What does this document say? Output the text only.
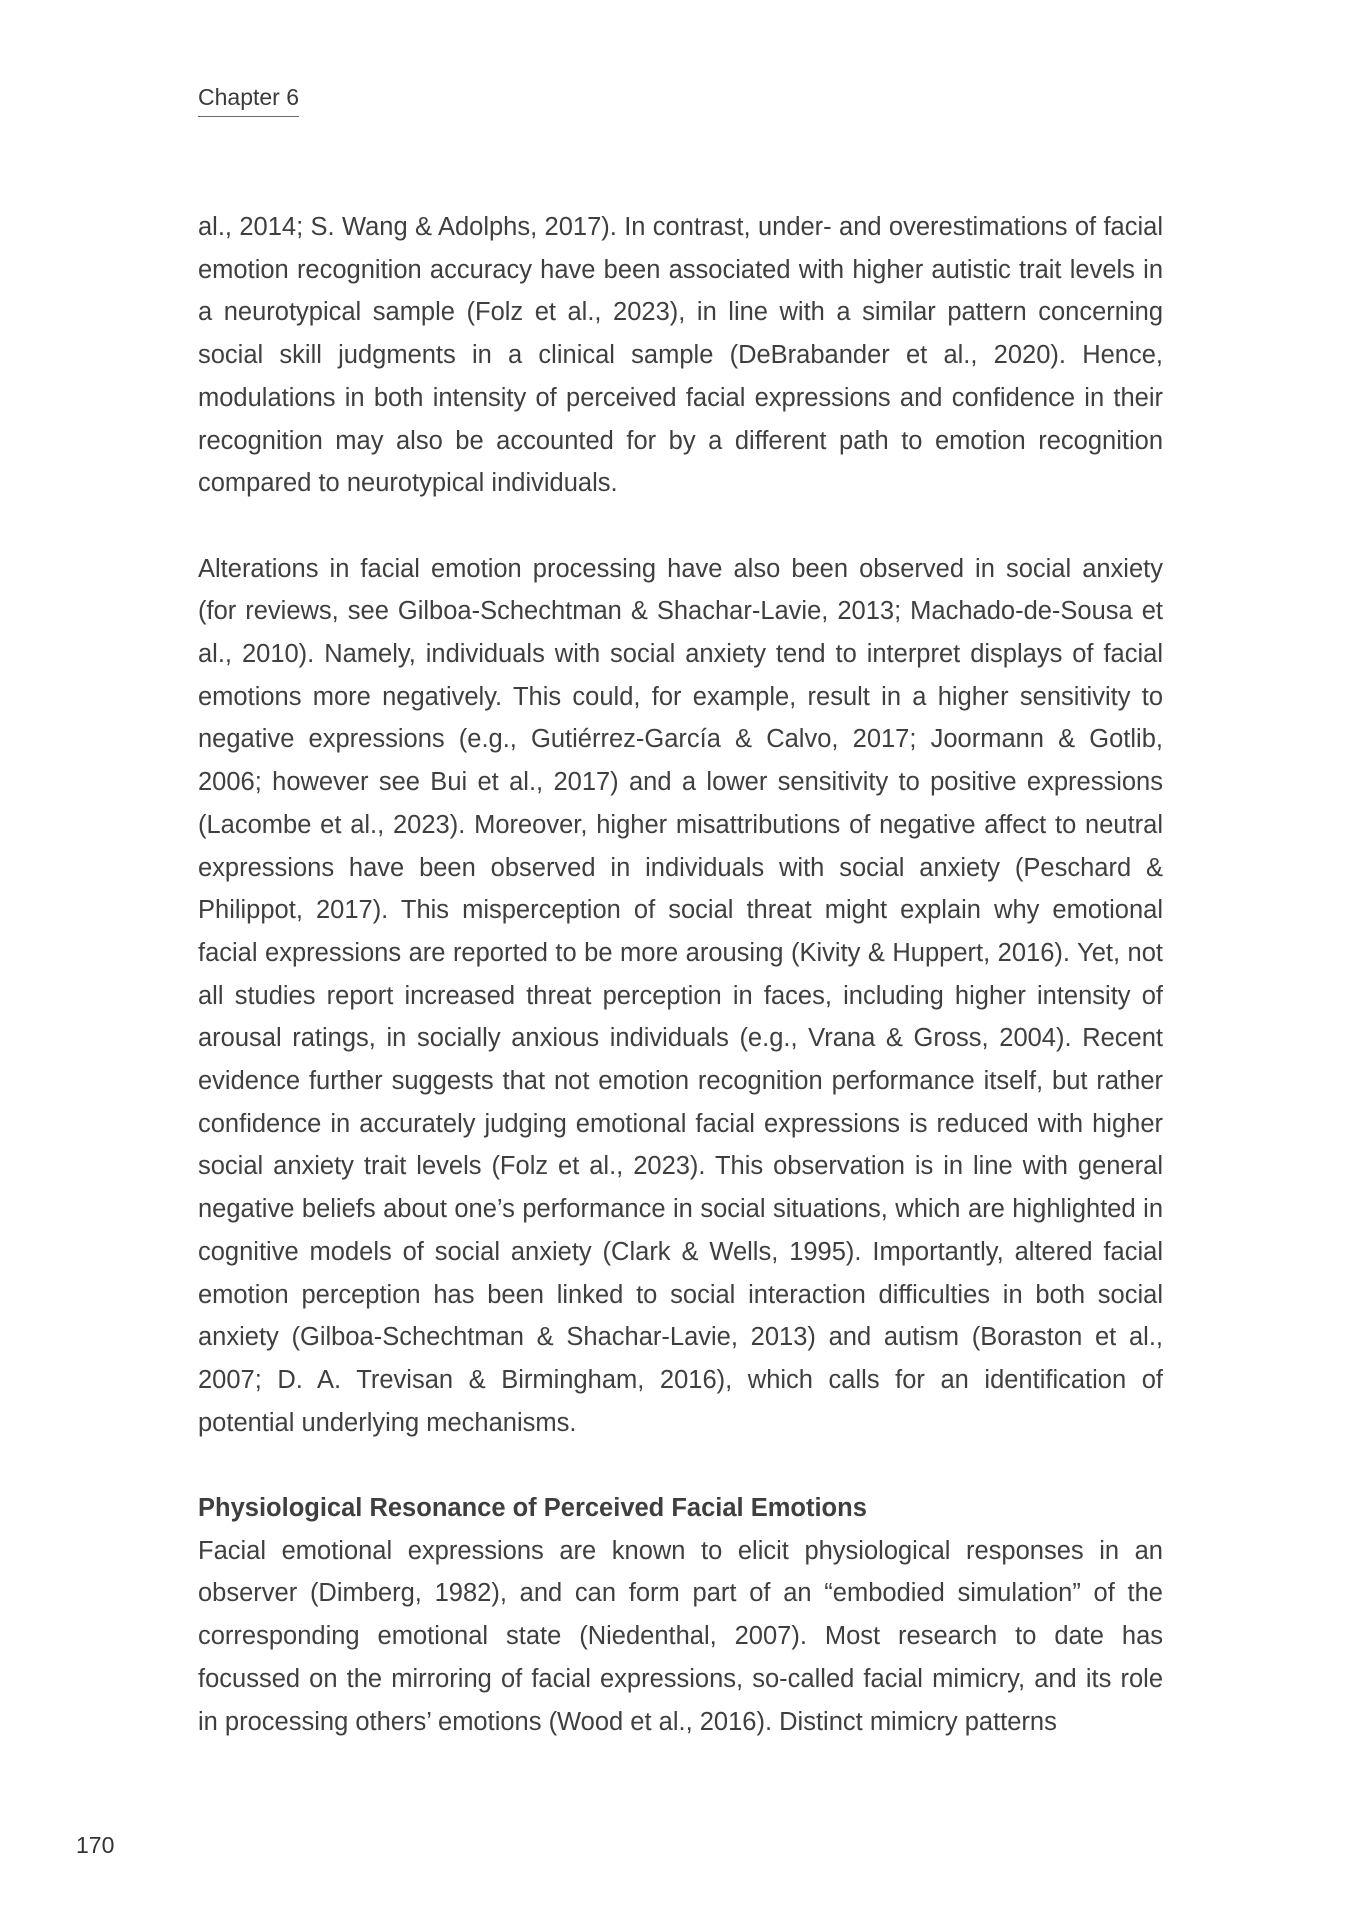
Chapter 6

al., 2014; S. Wang & Adolphs, 2017). In contrast, under- and overestimations of facial emotion recognition accuracy have been associated with higher autistic trait levels in a neurotypical sample (Folz et al., 2023), in line with a similar pattern concerning social skill judgments in a clinical sample (DeBrabander et al., 2020). Hence, modulations in both intensity of perceived facial expressions and confidence in their recognition may also be accounted for by a different path to emotion recognition compared to neurotypical individuals.

Alterations in facial emotion processing have also been observed in social anxiety (for reviews, see Gilboa-Schechtman & Shachar-Lavie, 2013; Machado-de-Sousa et al., 2010). Namely, individuals with social anxiety tend to interpret displays of facial emotions more negatively. This could, for example, result in a higher sensitivity to negative expressions (e.g., Gutiérrez-García & Calvo, 2017; Joormann & Gotlib, 2006; however see Bui et al., 2017) and a lower sensitivity to positive expressions (Lacombe et al., 2023). Moreover, higher misattributions of negative affect to neutral expressions have been observed in individuals with social anxiety (Peschard & Philippot, 2017). This misperception of social threat might explain why emotional facial expressions are reported to be more arousing (Kivity & Huppert, 2016). Yet, not all studies report increased threat perception in faces, including higher intensity of arousal ratings, in socially anxious individuals (e.g., Vrana & Gross, 2004). Recent evidence further suggests that not emotion recognition performance itself, but rather confidence in accurately judging emotional facial expressions is reduced with higher social anxiety trait levels (Folz et al., 2023). This observation is in line with general negative beliefs about one’s performance in social situations, which are highlighted in cognitive models of social anxiety (Clark & Wells, 1995). Importantly, altered facial emotion perception has been linked to social interaction difficulties in both social anxiety (Gilboa-Schechtman & Shachar-Lavie, 2013) and autism (Boraston et al., 2007; D. A. Trevisan & Birmingham, 2016), which calls for an identification of potential underlying mechanisms.

Physiological Resonance of Perceived Facial Emotions

Facial emotional expressions are known to elicit physiological responses in an observer (Dimberg, 1982), and can form part of an “embodied simulation” of the corresponding emotional state (Niedenthal, 2007). Most research to date has focussed on the mirroring of facial expressions, so-called facial mimicry, and its role in processing others’ emotions (Wood et al., 2016). Distinct mimicry patterns

170
